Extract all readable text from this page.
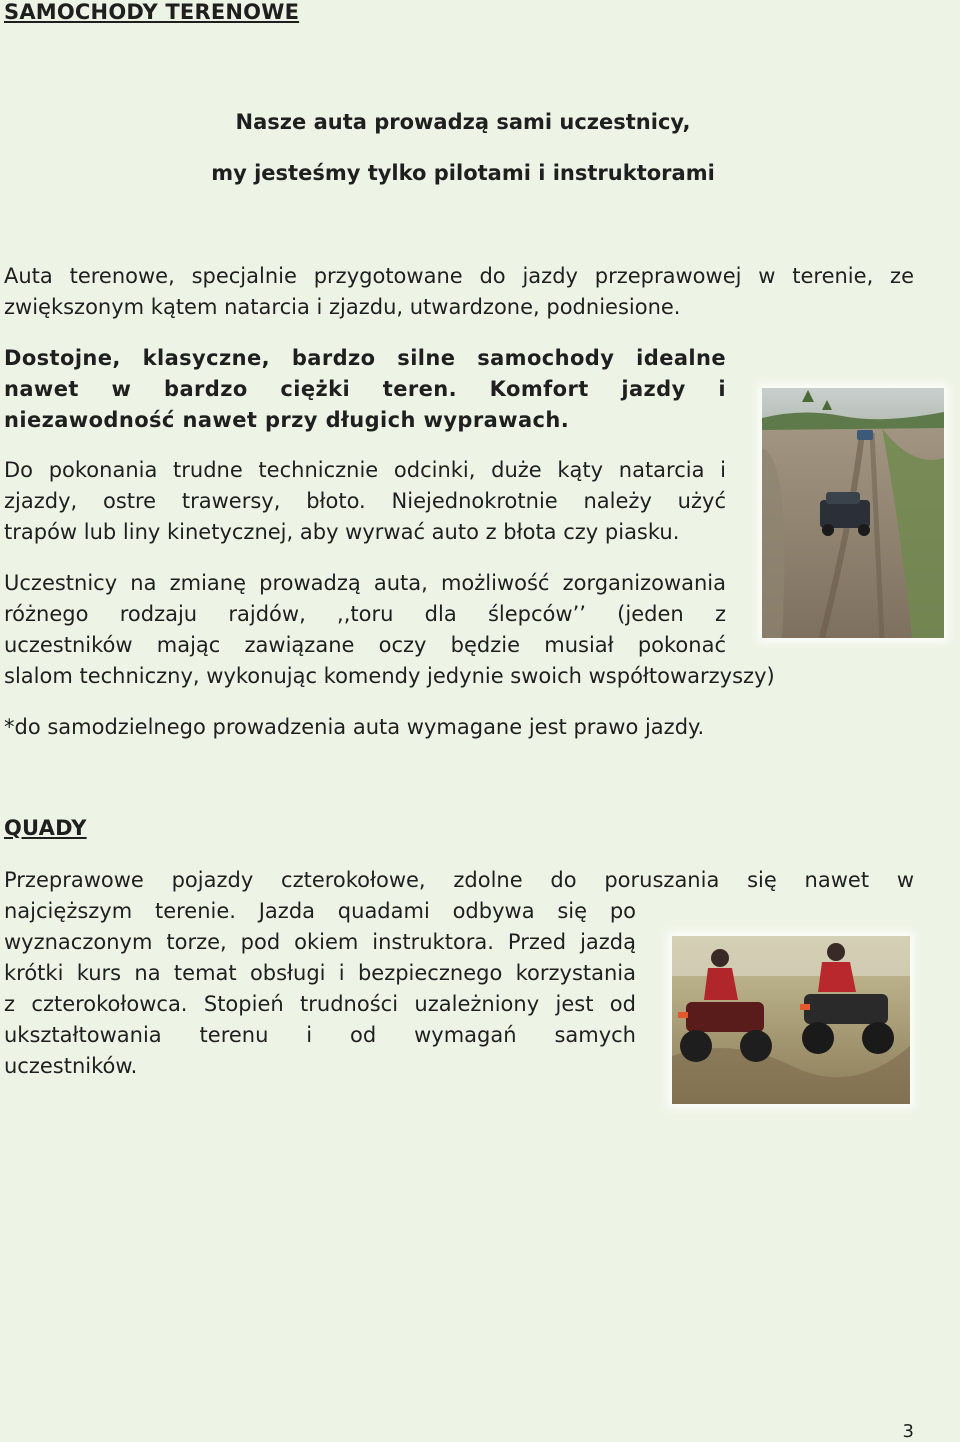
SAMOCHODY TERENOWE
Nasze auta prowadzą sami uczestnicy,
my jesteśmy tylko pilotami i instruktorami
Auta terenowe, specjalnie przygotowane do jazdy przeprawowej w terenie, ze
zwiększonym kątem natarcia i zjazdu, utwardzone, podniesione.
Dostojne, klasyczne, bardzo silne samochody idealne
nawet w bardzo ciężki teren. Komfort jazdy i
niezawodność nawet przy długich wyprawach.
Do pokonania trudne technicznie odcinki, duże kąty natarcia i
zjazdy, ostre trawersy, błoto. Niejednokrotnie należy użyć
trapów lub liny kinetycznej, aby wyrwać auto z błota czy piasku.
Uczestnicy na zmianę prowadzą auta, możliwość zorganizowania
różnego rodzaju rajdów, ,,toru dla ślepców’’ (jeden z
uczestników mając zawiązane oczy będzie musiał pokonać
slalom techniczny, wykonując komendy jedynie swoich współtowarzyszy)
*do samodzielnego prowadzenia auta wymagane jest prawo jazdy.
QUADY
Przeprawowe pojazdy czterokołowe, zdolne do poruszania się nawet w
najcięższym terenie. Jazda quadami odbywa się po
wyznaczonym torze, pod okiem instruktora. Przed jazdą
krótki kurs na temat obsługi i bezpiecznego korzystania
z czterokołowca. Stopień trudności uzależniony jest od
ukształtowania terenu i od wymagań samych
uczestników.
3
